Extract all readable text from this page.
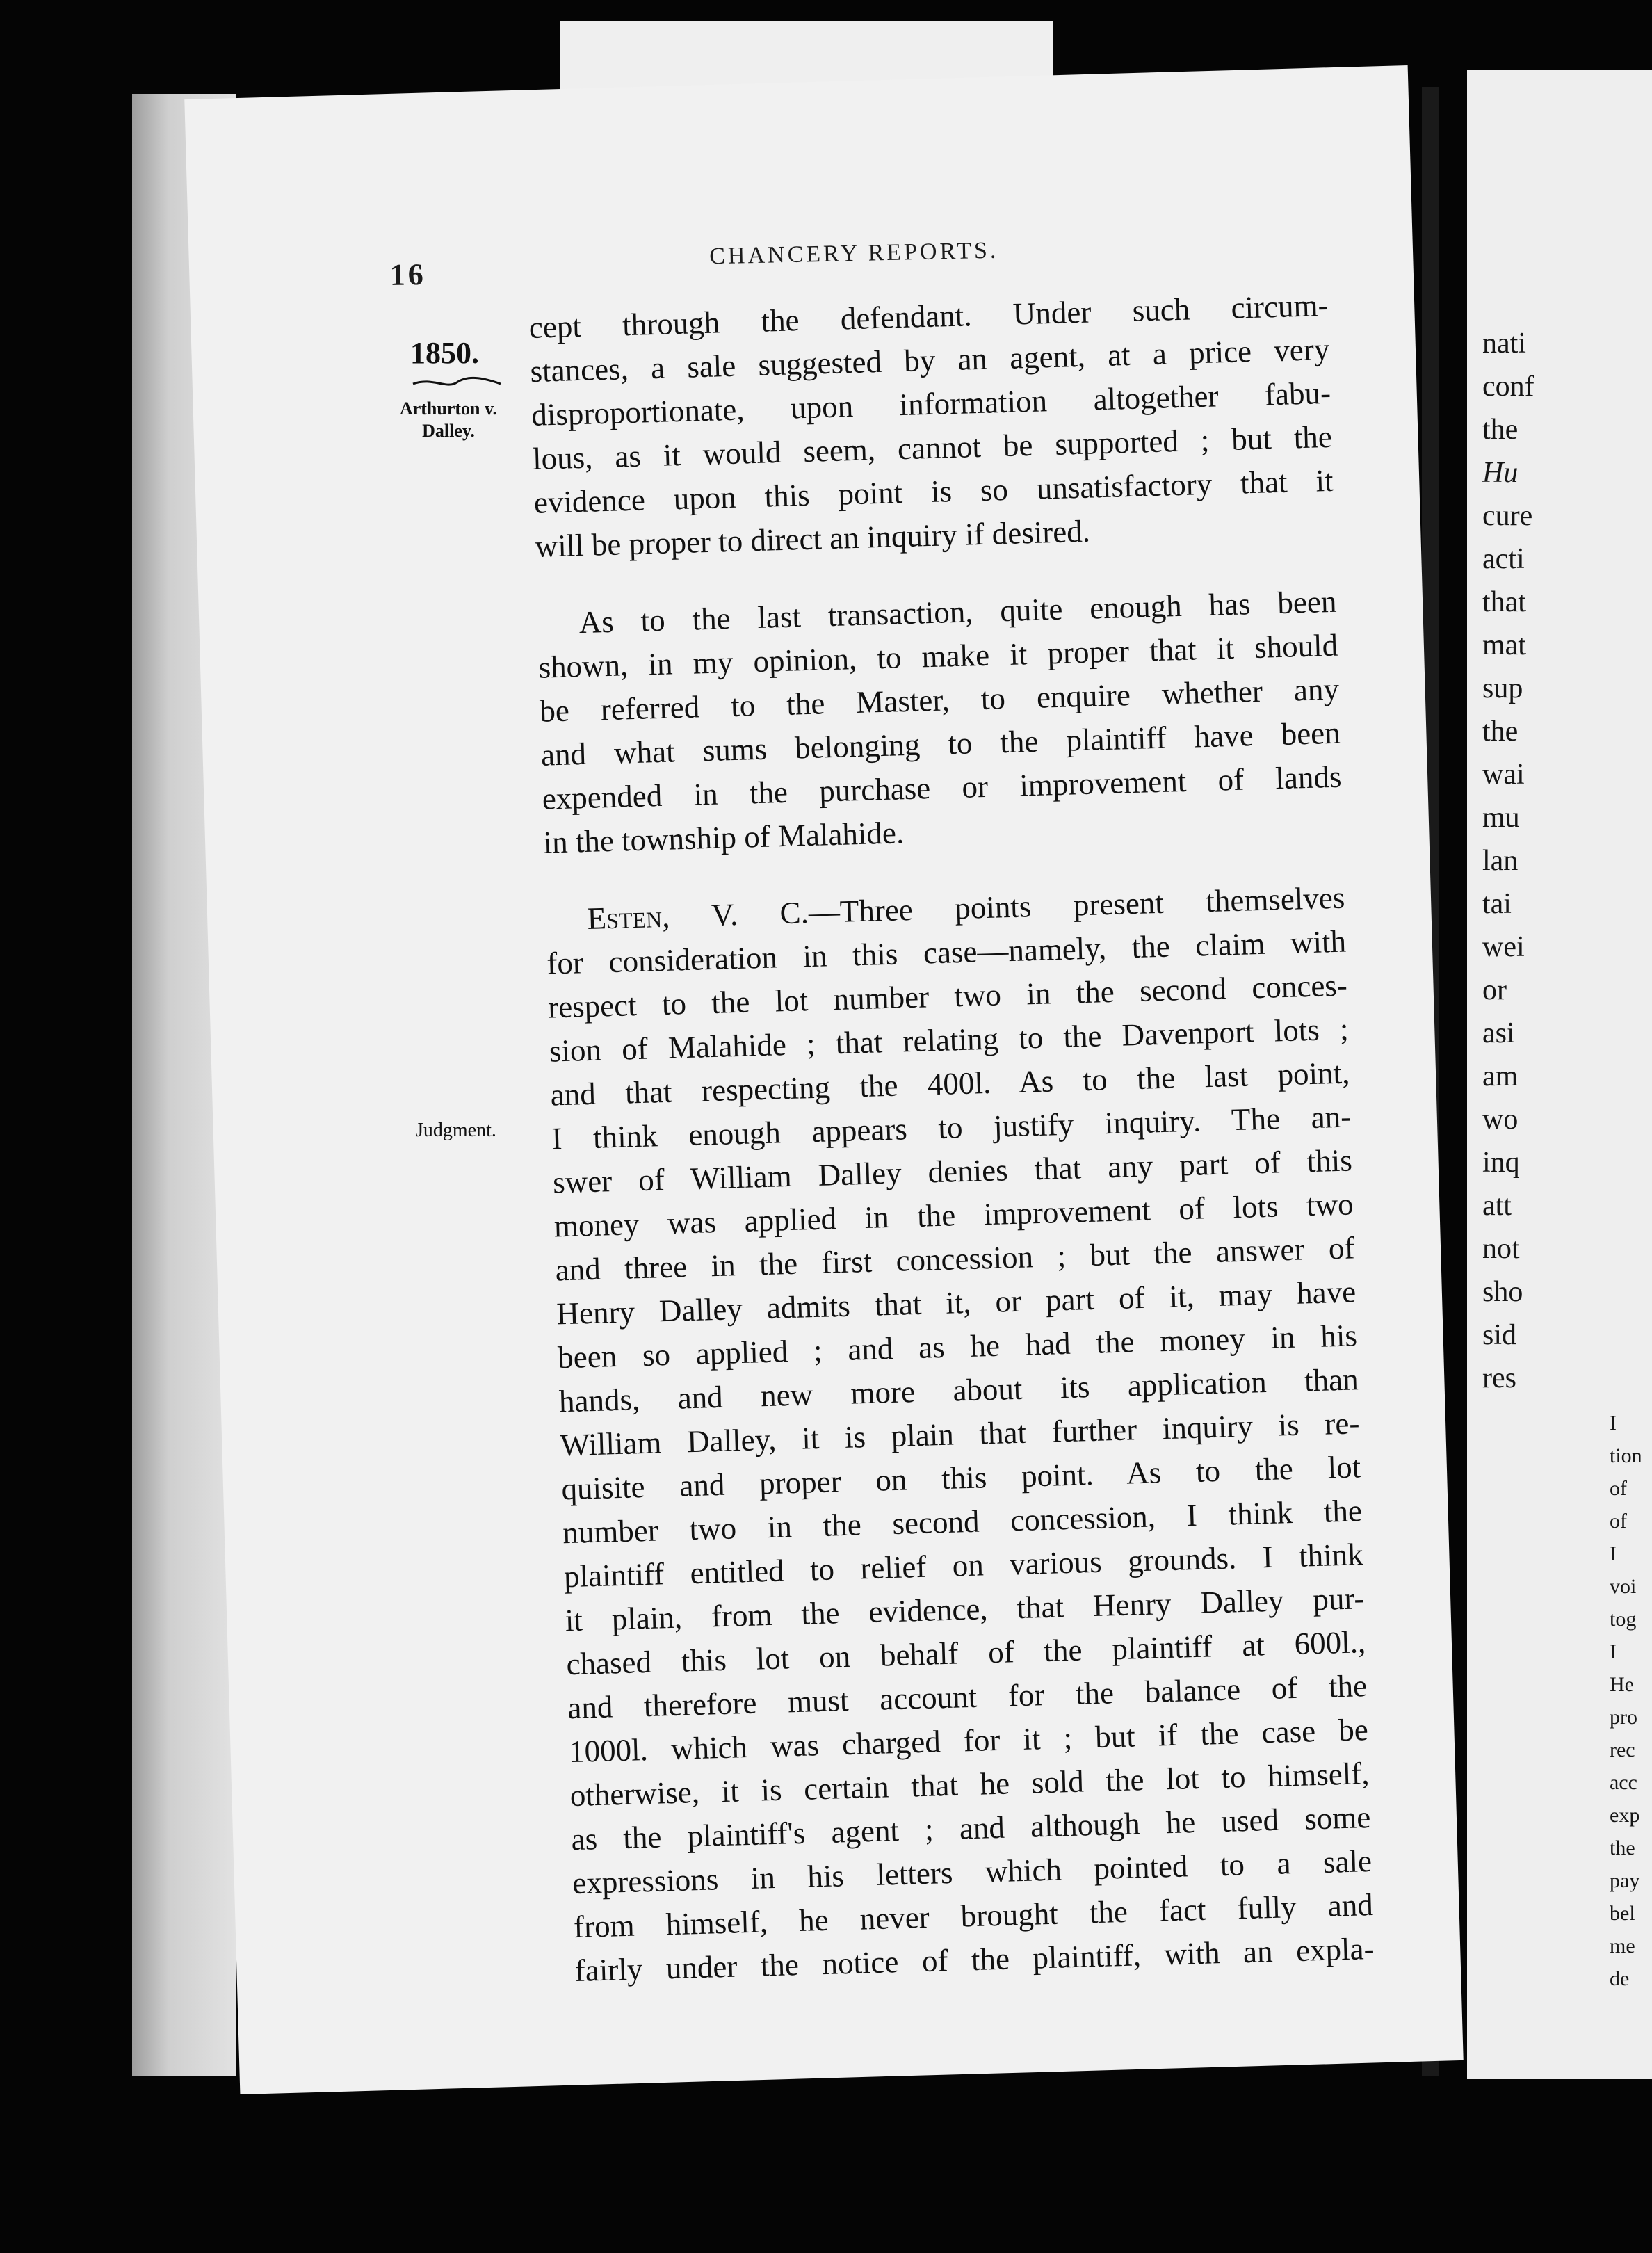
nati
conf
the
Hu
cure
acti
that
mat
sup
the
wai
mu
lan
tai
wei
or
asi
am
wo
inq
att
not
sho
sid
res
I
tion
of
of
I
voi
tog
I
He
pro
rec
acc
exp
the
pay
bel
me
de
16
CHANCERY REPORTS.
1850.
Arthurton v.
Dalley.
Judgment.
cept through the defendant. Under such circum-
stances, a sale suggested by an agent, at a price very
disproportionate, upon information altogether fabu-
lous, as it would seem, cannot be supported ; but the
evidence upon this point is so unsatisfactory that it
will be proper to direct an inquiry if desired.
As to the last transaction, quite enough has been
shown, in my opinion, to make it proper that it should
be referred to the Master, to enquire whether any
and what sums belonging to the plaintiff have been
expended in the purchase or improvement of lands
in the township of Malahide.
Esten, V. C.—Three points present themselves
for consideration in this case—namely, the claim with
respect to the lot number two in the second conces-
sion of Malahide ; that relating to the Davenport lots ;
and that respecting the 400l. As to the last point,
I think enough appears to justify inquiry. The an-
swer of William Dalley denies that any part of this
money was applied in the improvement of lots two
and three in the first concession ; but the answer of
Henry Dalley admits that it, or part of it, may have
been so applied ; and as he had the money in his
hands, and new more about its application than
William Dalley, it is plain that further inquiry is re-
quisite and proper on this point. As to the lot
number two in the second concession, I think the
plaintiff entitled to relief on various grounds. I think
it plain, from the evidence, that Henry Dalley pur-
chased this lot on behalf of the plaintiff at 600l.,
and therefore must account for the balance of the
1000l. which was charged for it ; but if the case be
otherwise, it is certain that he sold the lot to himself,
as the plaintiff's agent ; and although he used some
expressions in his letters which pointed to a sale
from himself, he never brought the fact fully and
fairly under the notice of the plaintiff, with an expla-
